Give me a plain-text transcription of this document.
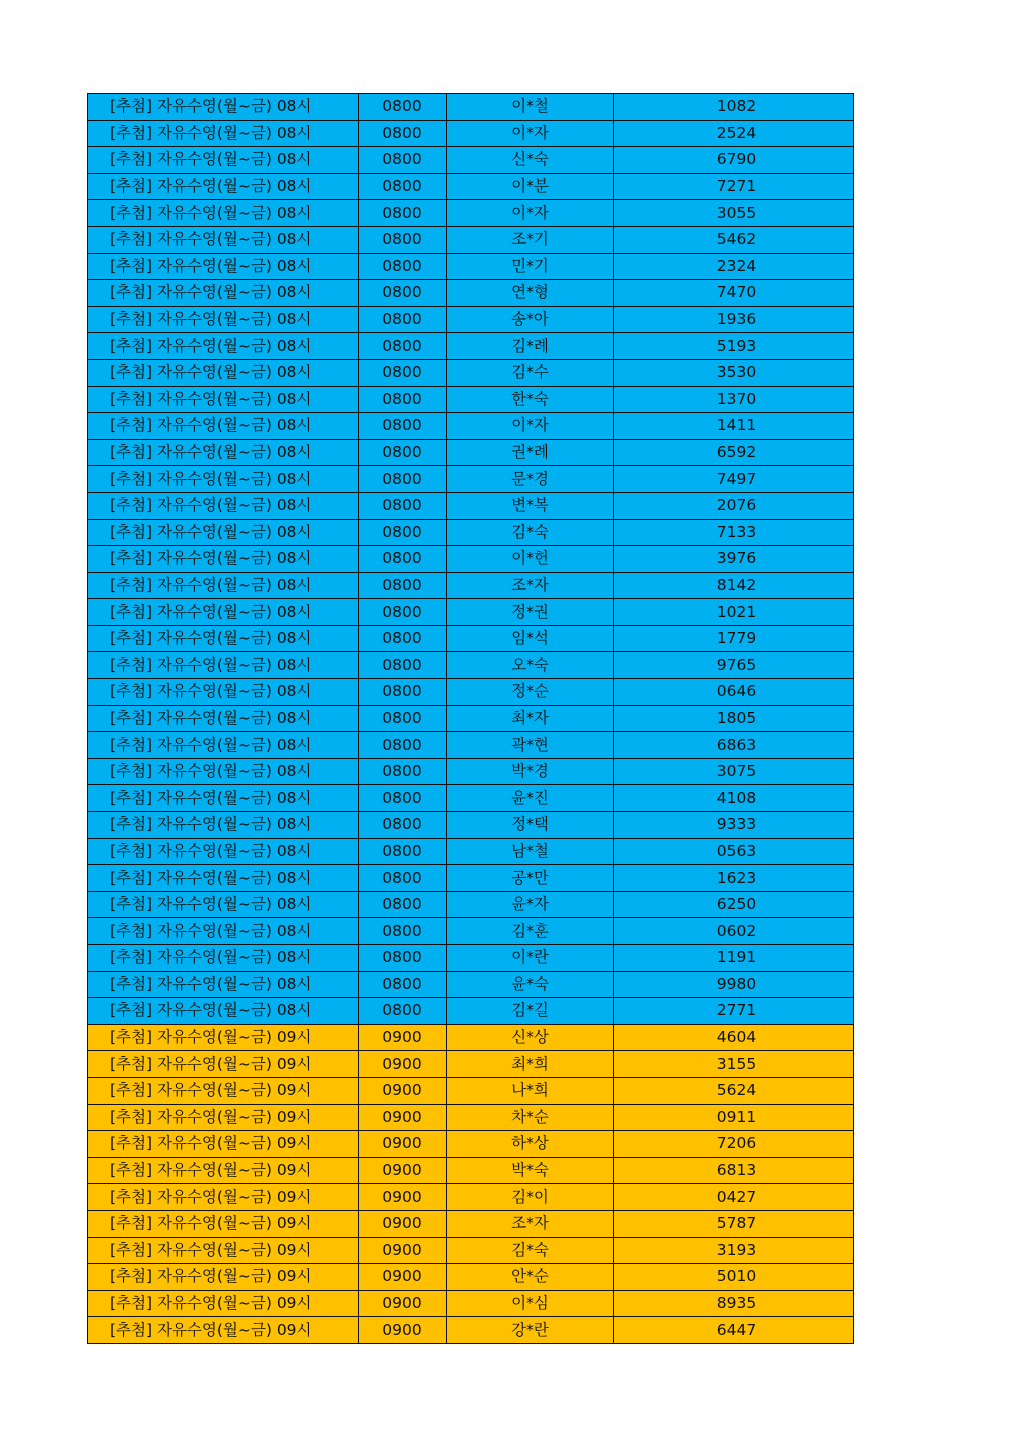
[추첨] 자유수영(월~금) 08시	0800	이*철	1082
[추첨] 자유수영(월~금) 08시	0800	이*자	2524
[추첨] 자유수영(월~금) 08시	0800	신*숙	6790
[추첨] 자유수영(월~금) 08시	0800	이*분	7271
[추첨] 자유수영(월~금) 08시	0800	이*자	3055
[추첨] 자유수영(월~금) 08시	0800	조*기	5462
[추첨] 자유수영(월~금) 08시	0800	민*기	2324
[추첨] 자유수영(월~금) 08시	0800	연*형	7470
[추첨] 자유수영(월~금) 08시	0800	송*아	1936
[추첨] 자유수영(월~금) 08시	0800	김*례	5193
[추첨] 자유수영(월~금) 08시	0800	김*수	3530
[추첨] 자유수영(월~금) 08시	0800	한*숙	1370
[추첨] 자유수영(월~금) 08시	0800	이*자	1411
[추첨] 자유수영(월~금) 08시	0800	권*례	6592
[추첨] 자유수영(월~금) 08시	0800	문*경	7497
[추첨] 자유수영(월~금) 08시	0800	변*복	2076
[추첨] 자유수영(월~금) 08시	0800	김*숙	7133
[추첨] 자유수영(월~금) 08시	0800	이*헌	3976
[추첨] 자유수영(월~금) 08시	0800	조*자	8142
[추첨] 자유수영(월~금) 08시	0800	정*권	1021
[추첨] 자유수영(월~금) 08시	0800	임*석	1779
[추첨] 자유수영(월~금) 08시	0800	오*숙	9765
[추첨] 자유수영(월~금) 08시	0800	정*순	0646
[추첨] 자유수영(월~금) 08시	0800	최*자	1805
[추첨] 자유수영(월~금) 08시	0800	곽*현	6863
[추첨] 자유수영(월~금) 08시	0800	박*경	3075
[추첨] 자유수영(월~금) 08시	0800	윤*진	4108
[추첨] 자유수영(월~금) 08시	0800	정*택	9333
[추첨] 자유수영(월~금) 08시	0800	남*철	0563
[추첨] 자유수영(월~금) 08시	0800	공*만	1623
[추첨] 자유수영(월~금) 08시	0800	윤*자	6250
[추첨] 자유수영(월~금) 08시	0800	김*훈	0602
[추첨] 자유수영(월~금) 08시	0800	이*란	1191
[추첨] 자유수영(월~금) 08시	0800	윤*숙	9980
[추첨] 자유수영(월~금) 08시	0800	김*길	2771
[추첨] 자유수영(월~금) 09시	0900	신*상	4604
[추첨] 자유수영(월~금) 09시	0900	최*희	3155
[추첨] 자유수영(월~금) 09시	0900	나*희	5624
[추첨] 자유수영(월~금) 09시	0900	차*순	0911
[추첨] 자유수영(월~금) 09시	0900	하*상	7206
[추첨] 자유수영(월~금) 09시	0900	박*숙	6813
[추첨] 자유수영(월~금) 09시	0900	김*이	0427
[추첨] 자유수영(월~금) 09시	0900	조*자	5787
[추첨] 자유수영(월~금) 09시	0900	김*숙	3193
[추첨] 자유수영(월~금) 09시	0900	안*순	5010
[추첨] 자유수영(월~금) 09시	0900	이*심	8935
[추첨] 자유수영(월~금) 09시	0900	강*란	6447
